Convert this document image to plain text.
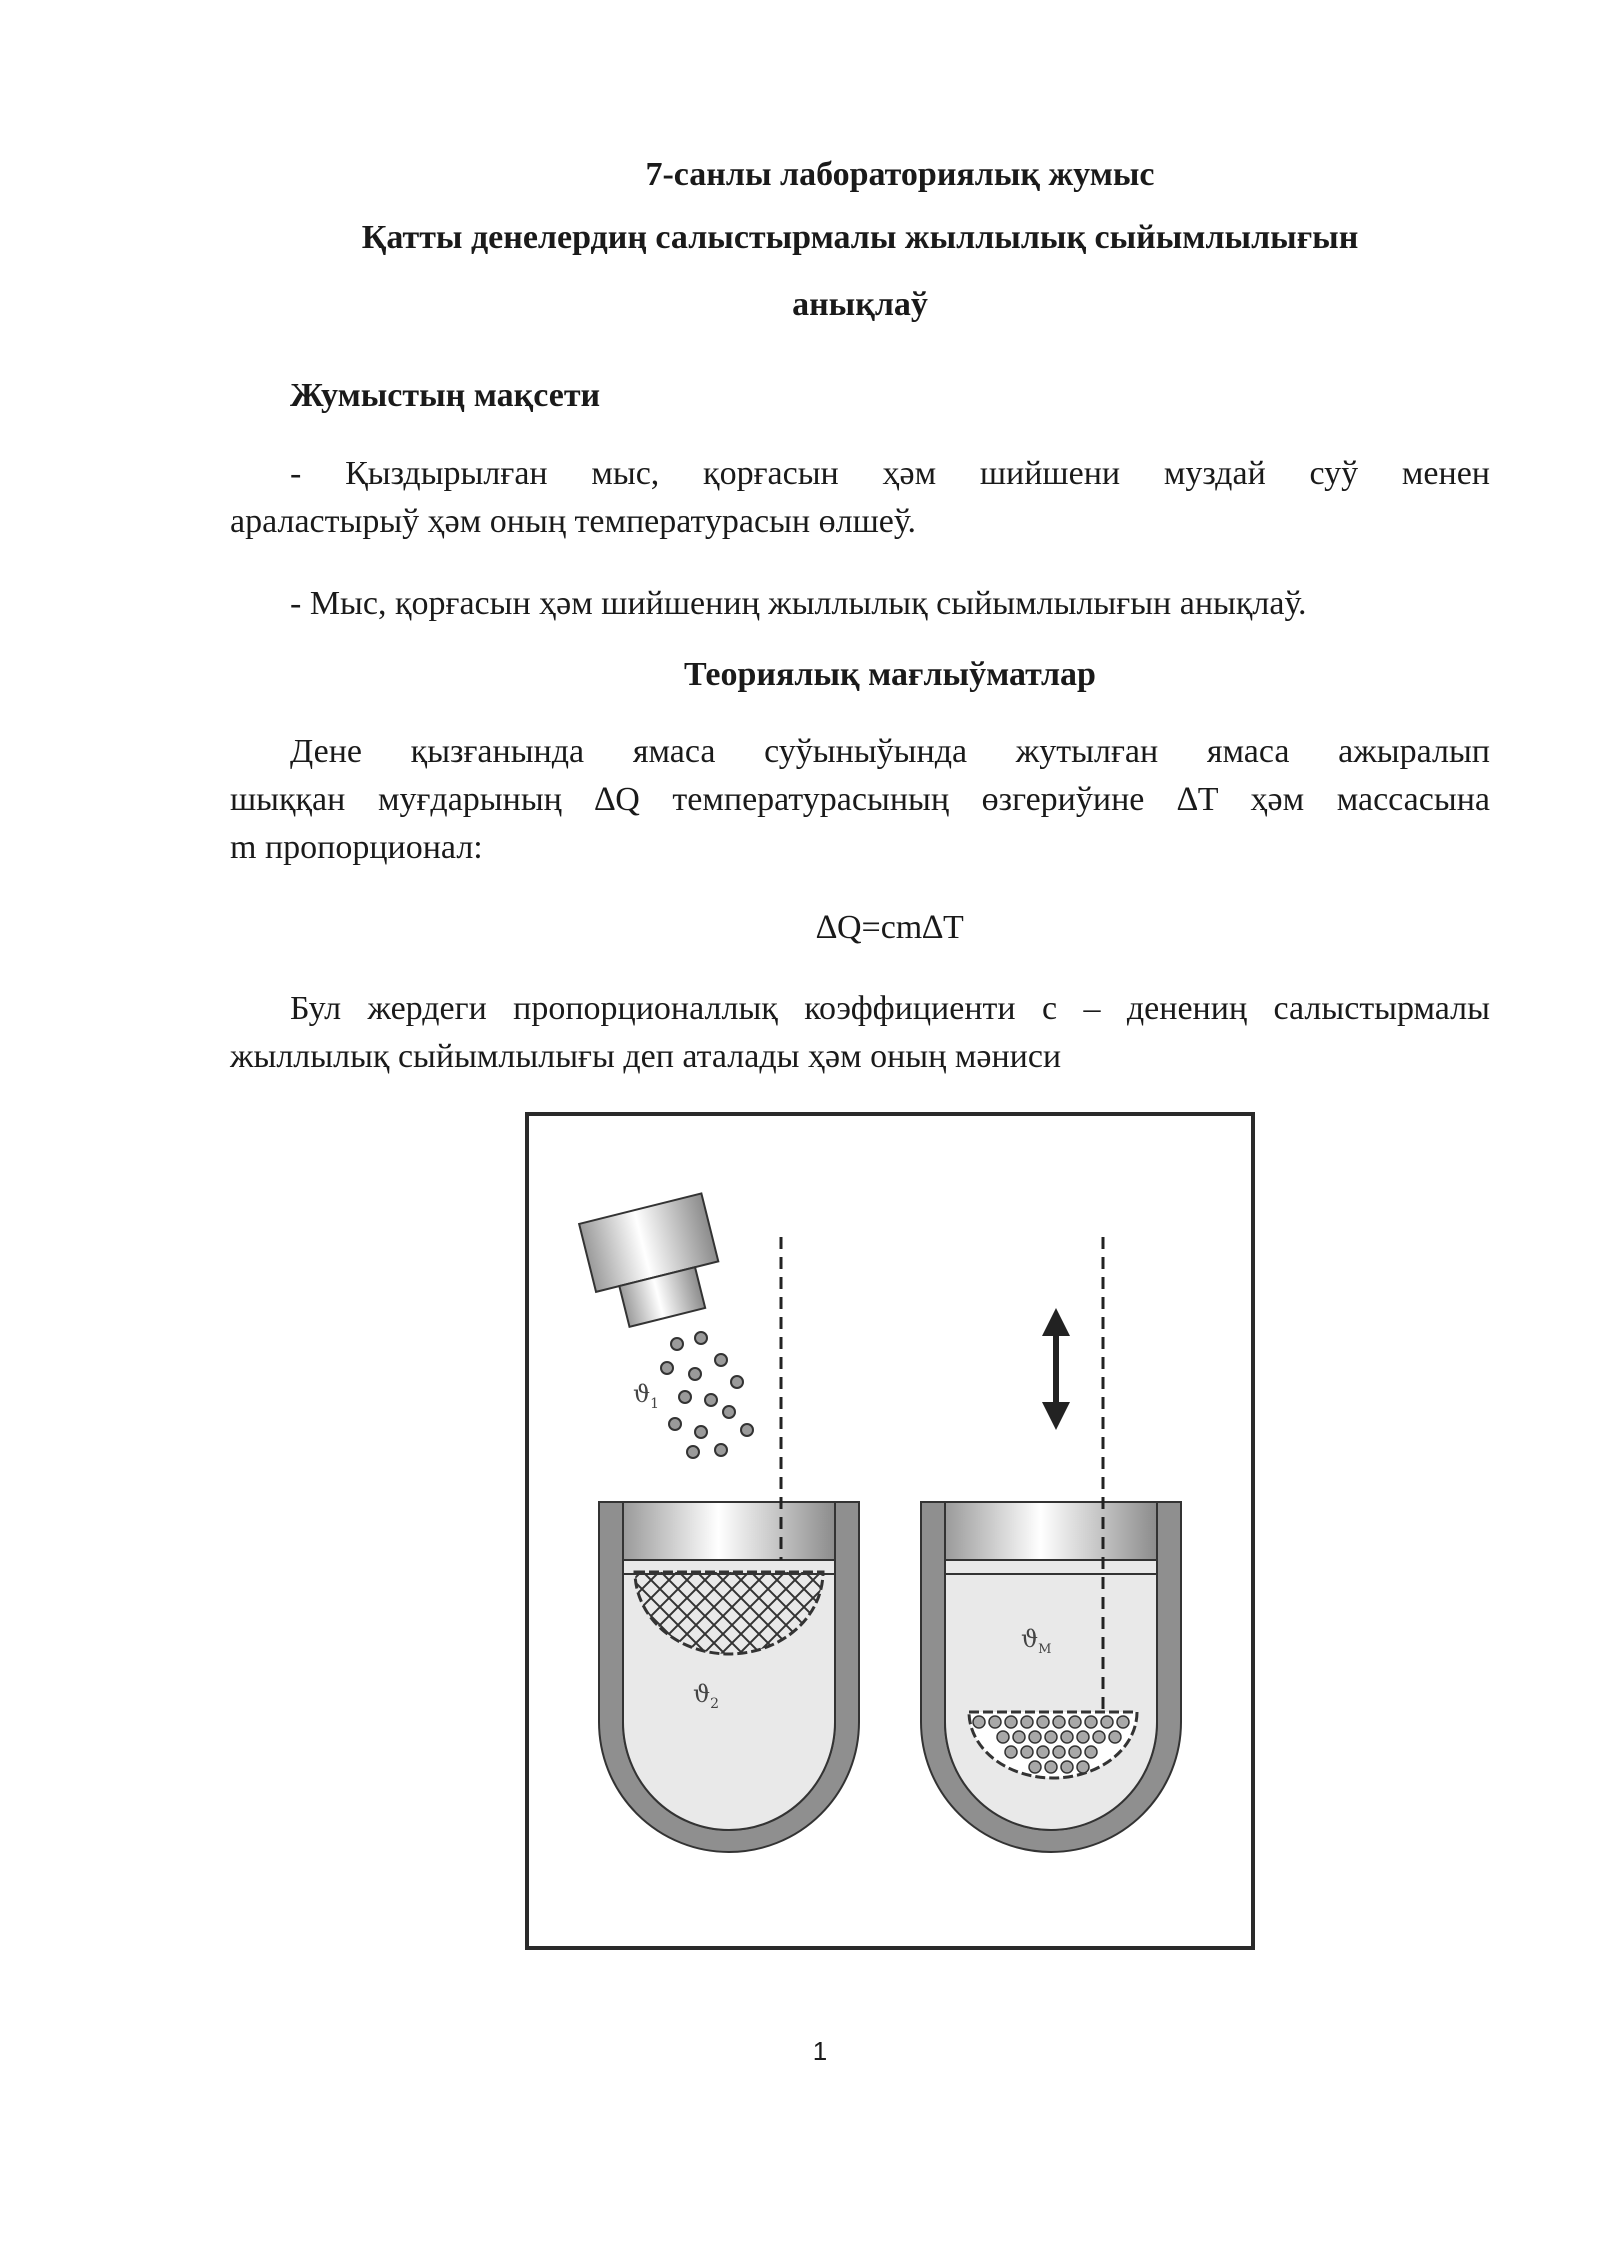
7-санлы лабораториялық жумыс

Қатты денелердиң салыстырмалы жыллылық сыйымлылығын

анықлаў

Жумыстың мақсети

- Қыздырылған мыс, қорғасын ҳәм шийшени муздай суў менен
араластырыў ҳәм оның температурасын өлшеў.
- Мыс, қорғасын ҳәм шийшениң жыллылық сыйымлылығын анықлаў.

Теориялық мағлыўматлар

Дене қызғанында ямаса суўыныўында жутылған ямаса ажыралып
шыққан муғдарының ∆Q температурасының өзгериўине ∆T ҳәм массасына
m пропорционал:

∆Q=cm∆T

Бул жердеги пропорционаллық коэффициенти c – денениң салыстырмалы
жыллылық сыйымлылығы деп аталады ҳәм оның мәниси
$ϑ_1$
$ϑ_2$
$ϑ_M$
1
